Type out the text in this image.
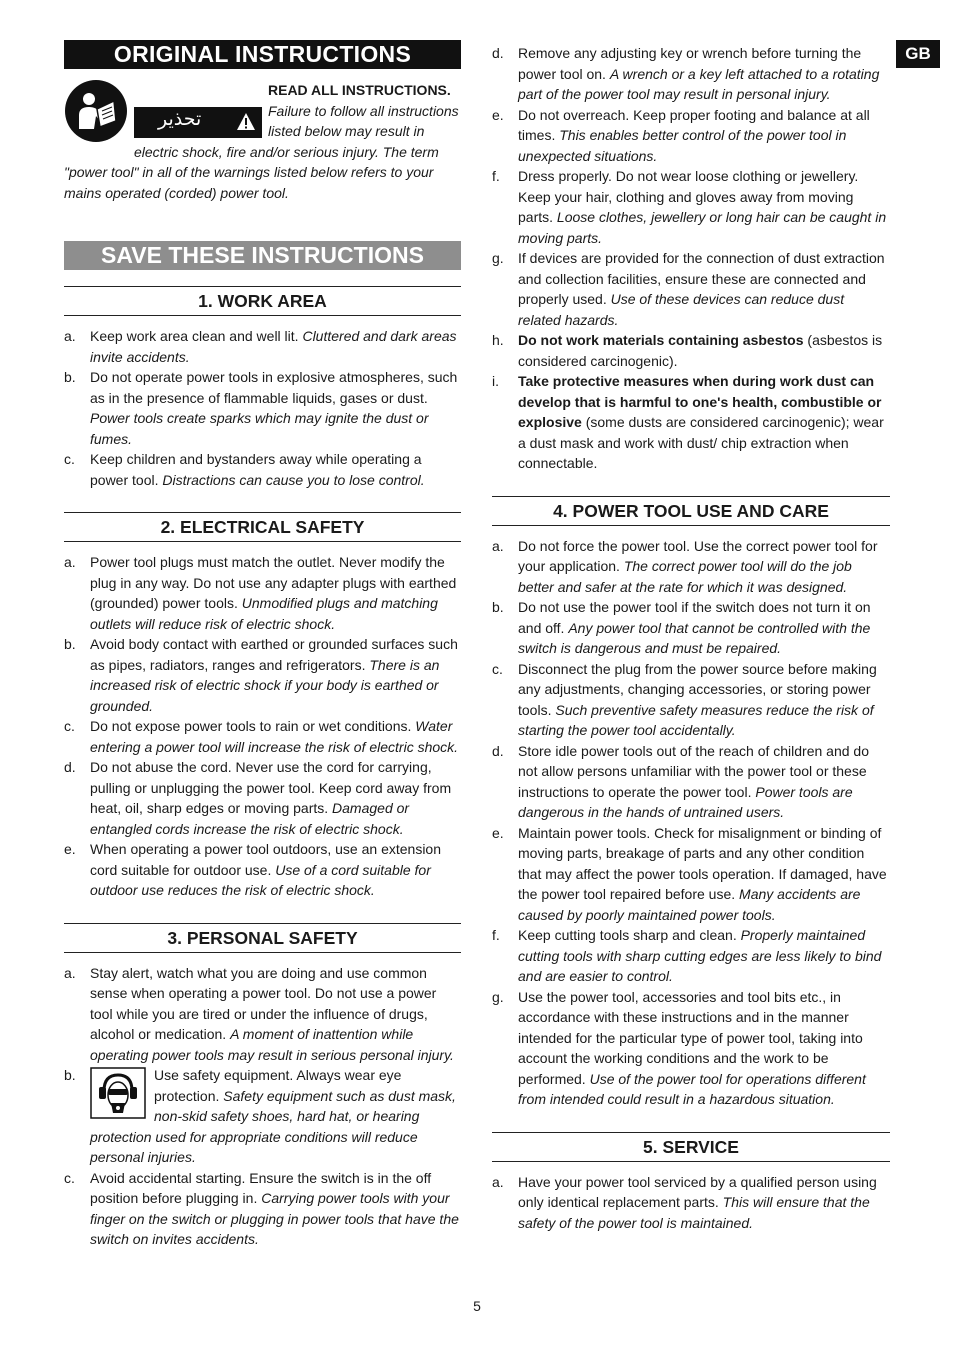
ORIGINAL INSTRUCTIONS
تحذير

READ ALL INSTRUCTIONS.
Failure to follow all instructions listed below may result in electric shock, fire and/or serious injury. The term "power tool" in all of the warnings listed below refers to your mains operated (corded) power tool.

SAVE THESE INSTRUCTIONS
1. WORK AREA
a. Keep work area clean and well lit. Cluttered and dark areas invite accidents.
b. Do not operate power tools in explosive atmospheres, such as in the presence of flammable liquids, gases or dust. Power tools create sparks which may ignite the dust or fumes.
c. Keep children and bystanders away while operating a power tool. Distractions can cause you to lose control.
2. ELECTRICAL SAFETY
a. Power tool plugs must match the outlet. Never modify the plug in any way. Do not use any adapter plugs with earthed (grounded) power tools. Unmodified plugs and matching outlets will reduce risk of electric shock.
b. Avoid body contact with earthed or grounded surfaces such as pipes, radiators, ranges and refrigerators. There is an increased risk of electric shock if your body is earthed or grounded.
c. Do not expose power tools to rain or wet conditions. Water entering a power tool will increase the risk of electric shock.
d. Do not abuse the cord. Never use the cord for carrying, pulling or unplugging the power tool. Keep cord away from heat, oil, sharp edges or moving parts. Damaged or entangled cords increase the risk of electric shock.
e. When operating a power tool outdoors, use an extension cord suitable for outdoor use. Use of a cord suitable for outdoor use reduces the risk of electric shock.
3. PERSONAL SAFETY
a. Stay alert, watch what you are doing and use common sense when operating a power tool. Do not use a power tool while you are tired or under the influence of drugs, alcohol or medication. A moment of inattention while operating power tools may result in serious personal injury.
b.	Use safety equipment. Always wear eye protection. Safety equipment such as dust mask, non-skid safety shoes, hard hat, or hearing protection used for appropriate conditions will reduce personal injuries.
c. Avoid accidental starting. Ensure the switch is in the off position before plugging in. Carrying power tools with your finger on the switch or plugging in power tools that have the switch on invites accidents.
d. Remove any adjusting key or wrench before turning the power tool on. A wrench or a key left attached to a rotating part of the power tool may result in personal injury.
e. Do not overreach. Keep proper footing and balance at all times. This enables better control of the power tool in unexpected situations.
f. Dress properly. Do not wear loose clothing or jewellery. Keep your hair, clothing and gloves away from moving parts. Loose clothes, jewellery or long hair can be caught in moving parts.
g. If devices are provided for the connection of dust extraction and collection facilities, ensure these are connected and properly used. Use of these devices can reduce dust related hazards.
h. Do not work materials containing asbestos (asbestos is considered carcinogenic).
i. Take protective measures when during work dust can develop that is harmful to one's health, combustible or explosive (some dusts are considered carcinogenic); wear a dust mask and work with dust/ chip extraction when connectable.
4. POWER TOOL USE AND CARE
a. Do not force the power tool. Use the correct power tool for your application. The correct power tool will do the job better and safer at the rate for which it was designed.
b. Do not use the power tool if the switch does not turn it on and off. Any power tool that cannot be controlled with the switch is dangerous and must be repaired.
c. Disconnect the plug from the power source before making any adjustments, changing accessories, or storing power tools. Such preventive safety measures reduce the risk of starting the power tool accidentally.
d. Store idle power tools out of the reach of children and do not allow persons unfamiliar with the power tool or these instructions to operate the power tool. Power tools are dangerous in the hands of untrained users.
e. Maintain power tools. Check for misalignment or binding of moving parts, breakage of parts and any other condition that may affect the power tools operation. If damaged, have the power tool repaired before use. Many accidents are caused by poorly maintained power tools.
f. Keep cutting tools sharp and clean. Properly maintained cutting tools with sharp cutting edges are less likely to bind and are easier to control.
g. Use the power tool, accessories and tool bits etc., in accordance with these instructions and in the manner intended for the particular type of power tool, taking into account the working conditions and the work to be performed. Use of the power tool for operations different from intended could result in a hazardous situation.
5. SERVICE
a. Have your power tool serviced by a qualified person using only identical replacement parts. This will ensure that the safety of the power tool is maintained.
GB
5
